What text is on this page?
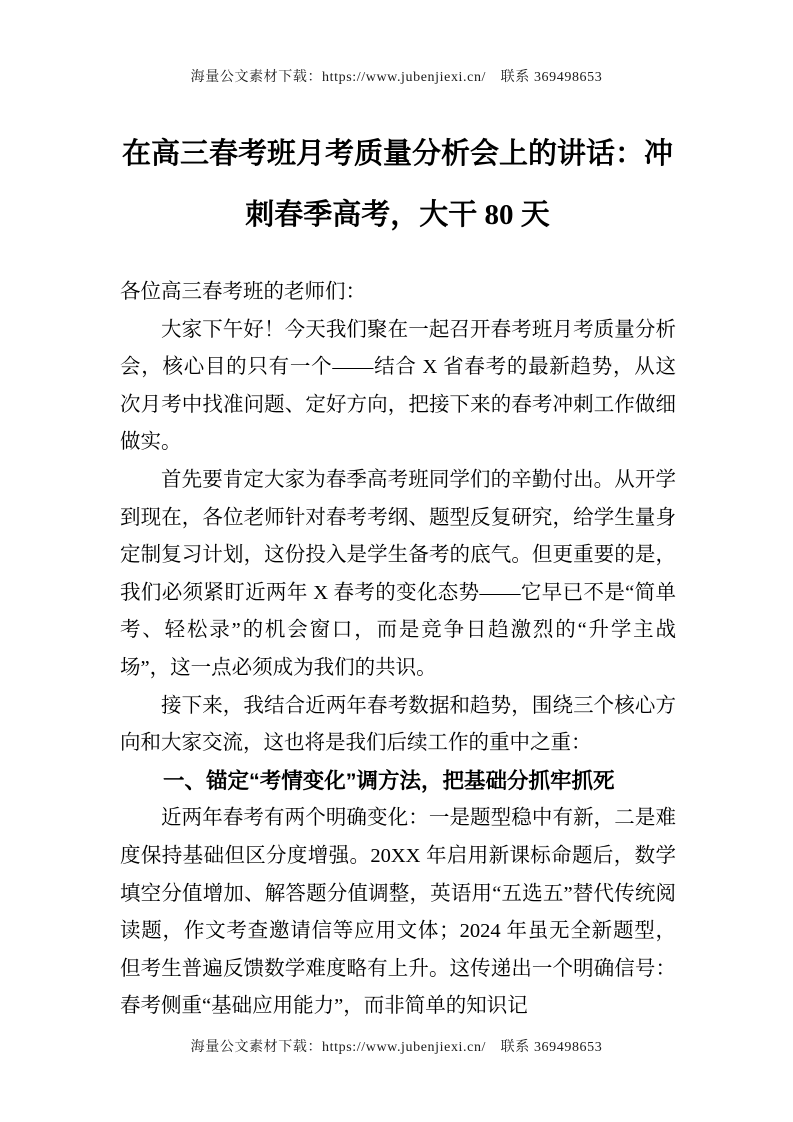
海量公文素材下载：https://www.jubenjiexi.cn/　联系 369498653
在高三春考班月考质量分析会上的讲话：冲刺春季高考，大干 80 天

各位高三春考班的老师们：

大家下午好！今天我们聚在一起召开春考班月考质量分析会，核心目的只有一个——结合 X 省春考的最新趋势，从这次月考中找准问题、定好方向，把接下来的春考冲刺工作做细做实。

首先要肯定大家为春季高考班同学们的辛勤付出。从开学到现在，各位老师针对春考考纲、题型反复研究，给学生量身定制复习计划，这份投入是学生备考的底气。但更重要的是，我们必须紧盯近两年 X 春考的变化态势——它早已不是“简单考、轻松录”的机会窗口，而是竞争日趋激烈的“升学主战场”，这一点必须成为我们的共识。

接下来，我结合近两年春考数据和趋势，围绕三个核心方向和大家交流，这也将是我们后续工作的重中之重：

一、锚定“考情变化”调方法，把基础分抓牢抓死

近两年春考有两个明确变化：一是题型稳中有新，二是难度保持基础但区分度增强。20XX 年启用新课标命题后，数学填空分值增加、解答题分值调整，英语用“五选五”替代传统阅读题，作文考查邀请信等应用文体；2024 年虽无全新题型，但考生普遍反馈数学难度略有上升。这传递出一个明确信号：春考侧重“基础应用能力”，而非简单的知识记

海量公文素材下载：https://www.jubenjiexi.cn/　联系 369498653
